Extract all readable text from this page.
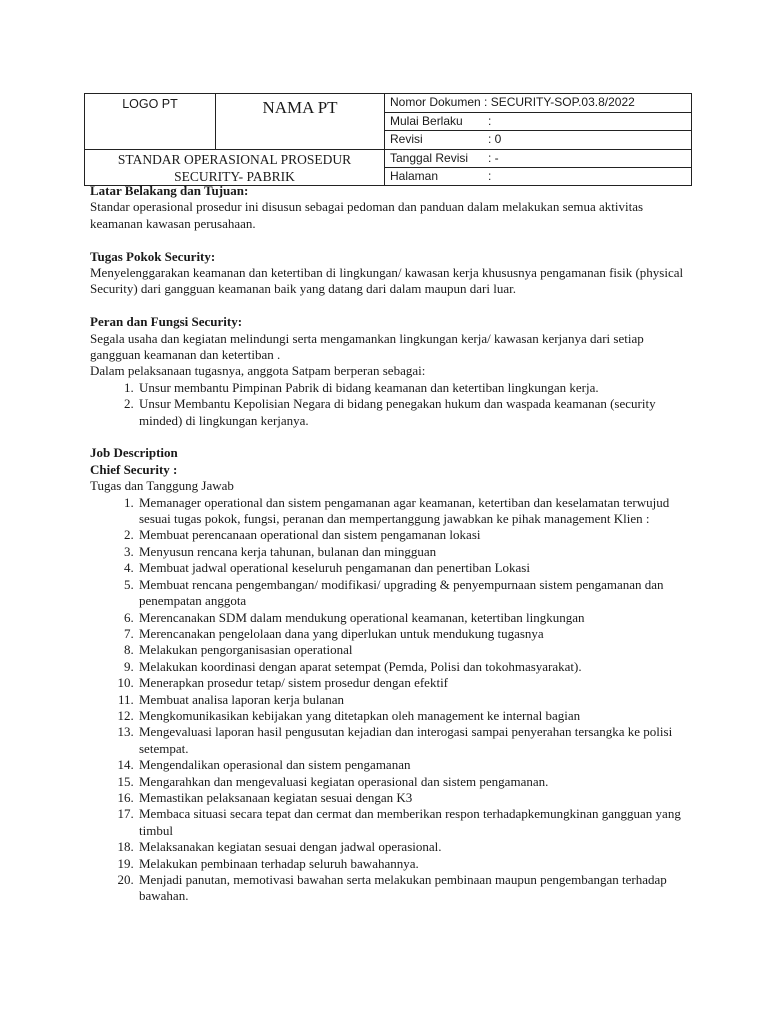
LOGO PT	NAMA PT	Nomor Dokumen : SECURITY-SOP.03.8/2022
		Mulai Berlaku :
		Revisi : 0

STANDAR OPERASIONAL PROSEDUR
SECURITY- PABRIK		Tanggal Revisi : -
		Halaman :

Latar Belakang dan Tujuan:

Standar operasional prosedur ini disusun sebagai pedoman dan panduan dalam melakukan semua aktivitas keamanan kawasan perusahaan.

Tugas Pokok Security:

Menyelenggarakan keamanan dan ketertiban di lingkungan/ kawasan kerja khususnya pengamanan fisik (physical Security) dari gangguan keamanan baik yang datang dari dalam maupun dari luar.

Peran dan Fungsi Security:

Segala usaha dan kegiatan melindungi serta mengamankan lingkungan kerja/ kawasan kerjanya dari setiap gangguan keamanan dan ketertiban .

Dalam pelaksanaan tugasnya, anggota Satpam berperan sebagai:

1. Unsur membantu Pimpinan Pabrik di bidang keamanan dan ketertiban lingkungan kerja.
2. Unsur Membantu Kepolisian Negara di bidang penegakan hukum dan waspada keamanan (security minded) di lingkungan kerjanya.

Job Description

Chief Security :

Tugas dan Tanggung Jawab

1. Memanager operational dan sistem pengamanan agar keamanan, ketertiban dan keselamatan terwujud sesuai tugas pokok, fungsi, peranan dan mempertanggung jawabkan ke pihak management Klien :
2. Membuat perencanaan operational dan sistem pengamanan lokasi
3. Menyusun rencana kerja tahunan, bulanan dan mingguan
4. Membuat jadwal operational keseluruh pengamanan dan penertiban Lokasi
5. Membuat rencana pengembangan/ modifikasi/ upgrading & penyempurnaan sistem pengamanan dan penempatan anggota
6. Merencanakan SDM dalam mendukung operational keamanan, ketertiban lingkungan
7. Merencanakan pengelolaan dana yang diperlukan untuk mendukung tugasnya
8. Melakukan pengorganisasian operational
9. Melakukan koordinasi dengan aparat setempat (Pemda, Polisi dan tokohmasyarakat).
10. Menerapkan prosedur tetap/ sistem prosedur dengan efektif
11. Membuat analisa laporan kerja bulanan
12. Mengkomunikasikan kebijakan yang ditetapkan oleh management ke internal bagian
13. Mengevaluasi laporan hasil pengusutan kejadian dan interogasi sampai penyerahan tersangka ke polisi setempat.
14. Mengendalikan operasional dan sistem pengamanan
15. Mengarahkan dan mengevaluasi kegiatan operasional dan sistem pengamanan.
16. Memastikan pelaksanaan kegiatan sesuai dengan K3
17. Membaca situasi secara tepat dan cermat dan memberikan respon terhadapkemungkinan gangguan yang timbul
18. Melaksanakan kegiatan sesuai dengan jadwal operasional.
19. Melakukan pembinaan terhadap seluruh bawahannya.
20. Menjadi panutan, memotivasi bawahan serta melakukan pembinaan maupun pengembangan terhadap bawahan.
